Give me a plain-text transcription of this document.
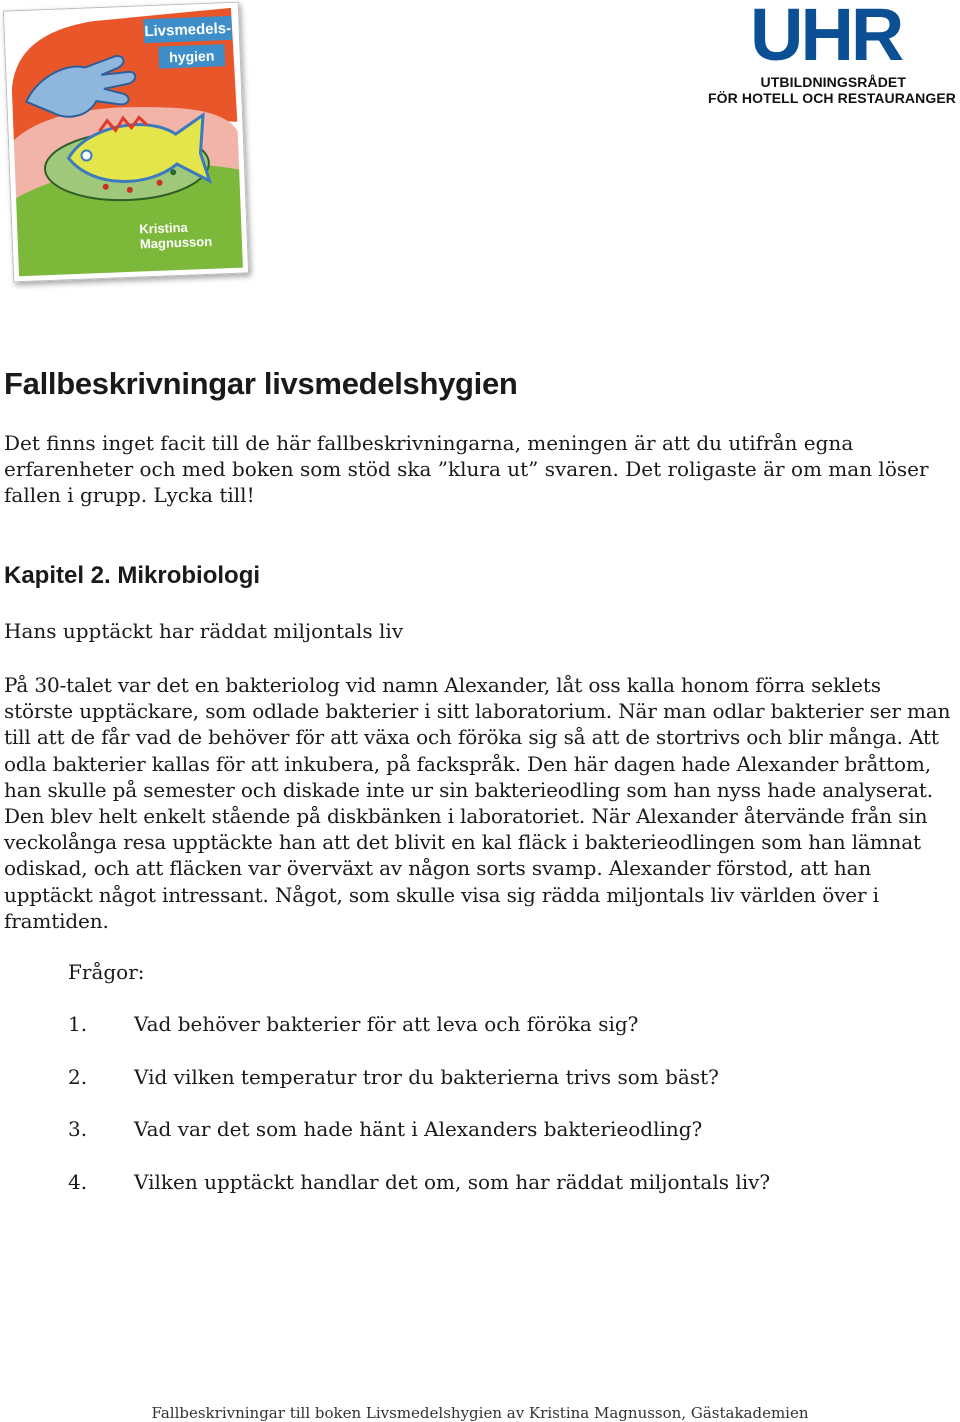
Livsmedels-
hygien
Kristina
Magnusson
UHR
UTBILDNINGSRÅDET
FÖR HOTELL OCH RESTAURANGER
Fallbeskrivningar livsmedelshygien

Det finns inget facit till de här fallbeskrivningarna, meningen är att du utifrån egna erfarenheter och med boken som stöd ska ”klura ut” svaren. Det roligaste är om man löser fallen i grupp. Lycka till!

Kapitel 2. Mikrobiologi

Hans upptäckt har räddat miljontals liv

På 30-talet var det en bakteriolog vid namn Alexander, låt oss kalla honom förra seklets störste upptäckare, som odlade bakterier i sitt laboratorium. När man odlar bakterier ser man till att de får vad de behöver för att växa och föröka sig så att de stortrivs och blir många. Att odla bakterier kallas för att inkubera, på fackspråk. Den här dagen hade Alexander bråttom, han skulle på semester och diskade inte ur sin bakterieodling som han nyss hade analyserat. Den blev helt enkelt stående på diskbänken i laboratoriet. När Alexander återvände från sin veckolånga resa upptäckte han att det blivit en kal fläck i bakterieodlingen som han lämnat odiskad, och att fläcken var överväxt av någon sorts svamp. Alexander förstod, att han upptäckt något intressant. Något, som skulle visa sig rädda miljontals liv världen över i framtiden.

Frågor:

1. Vad behöver bakterier för att leva och föröka sig?
2. Vid vilken temperatur tror du bakterierna trivs som bäst?
3. Vad var det som hade hänt i Alexanders bakterieodling?
4. Vilken upptäckt handlar det om, som har räddat miljontals liv?
Fallbeskrivningar till boken Livsmedelshygien av Kristina Magnusson, Gästakademien
